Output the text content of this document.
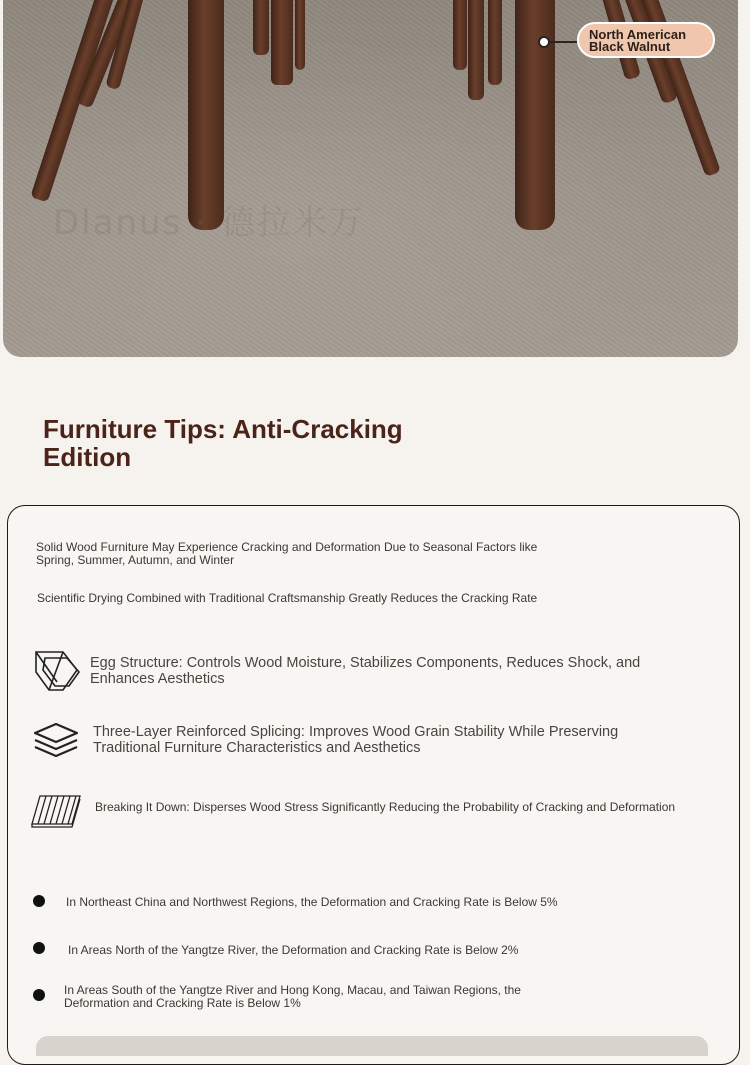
Dlanus · 德拉米万
North American
Black Walnut
Furniture Tips: Anti-Cracking
Edition
Solid Wood Furniture May Experience Cracking and Deformation Due to Seasonal Factors like Spring, Summer, Autumn, and Winter
Scientific Drying Combined with Traditional Craftsmanship Greatly Reduces the Cracking Rate
Egg Structure: Controls Wood Moisture, Stabilizes Components, Reduces Shock, and Enhances Aesthetics
Three-Layer Reinforced Splicing: Improves Wood Grain Stability While Preserving Traditional Furniture Characteristics and Aesthetics
Breaking It Down: Disperses Wood Stress Significantly Reducing the Probability of Cracking and Deformation
In Northeast China and Northwest Regions, the Deformation and Cracking Rate is Below 5%
In Areas North of the Yangtze River, the Deformation and Cracking Rate is Below 2%
In Areas South of the Yangtze River and Hong Kong, Macau, and Taiwan Regions, the Deformation and Cracking Rate is Below 1%
